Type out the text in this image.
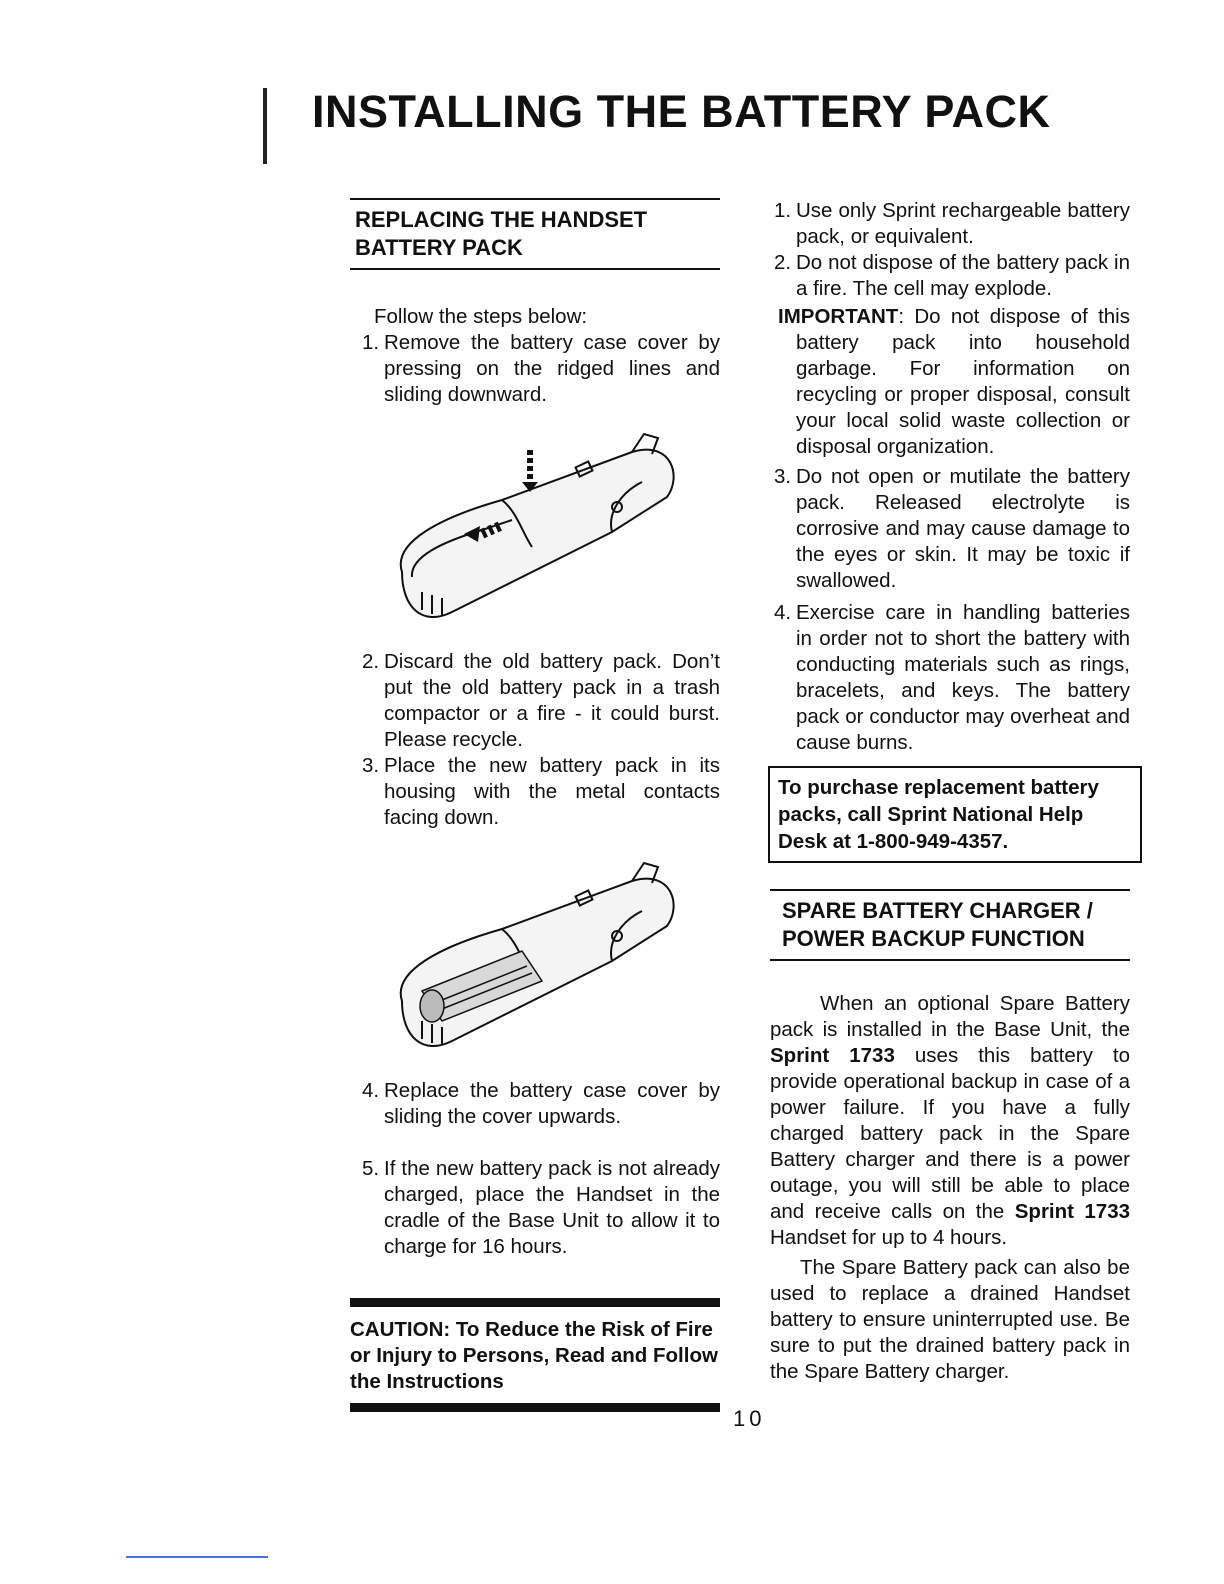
INSTALLING THE BATTERY PACK
REPLACING THE HANDSET
BATTERY PACK

Follow the steps below:

1. Remove the battery case cover by pressing on the ridged lines and sliding downward.
2. Discard the old battery pack. Don’t put the old battery pack in a trash compactor or a fire - it could burst. Please recycle.
3. Place the new battery pack in its housing with the metal contacts facing down.
4. Replace the battery case cover by sliding the cover upwards.
5. If the new battery pack is not already charged, place the Handset in the cradle of the Base Unit to allow it to charge for 16 hours.
CAUTION: To Reduce the Risk of Fire or Injury to Persons, Read and Follow the Instructions
1. Use only Sprint rechargeable battery pack, or equivalent.
2. Do not dispose of the battery pack in a fire. The cell may explode.

IMPORTANT: Do not dispose of this battery pack into household garbage. For information on recycling or proper disposal, consult your local solid waste collection or disposal organization.

3. Do not open or mutilate the battery pack. Released electrolyte is corrosive and may cause damage to the eyes or skin. It may be toxic if swallowed.
4. Exercise care in handling batteries in order not to short the battery with conducting materials such as rings, bracelets, and keys. The battery pack or conductor may overheat and cause burns.
To purchase replacement battery packs, call Sprint National Help Desk at 1-800-949-4357.
SPARE BATTERY CHARGER /
POWER BACKUP FUNCTION

When an optional Spare Battery pack is installed in the Base Unit, the Sprint 1733 uses this battery to provide operational backup in case of a power failure. If you have a fully charged battery pack in the Spare Battery charger and there is a power outage, you will still be able to place and receive calls on the Sprint 1733 Handset for up to 4 hours.

The Spare Battery pack can also be used to replace a drained Handset battery to ensure uninterrupted use. Be sure to put the drained battery pack in the Spare Battery charger.

10
